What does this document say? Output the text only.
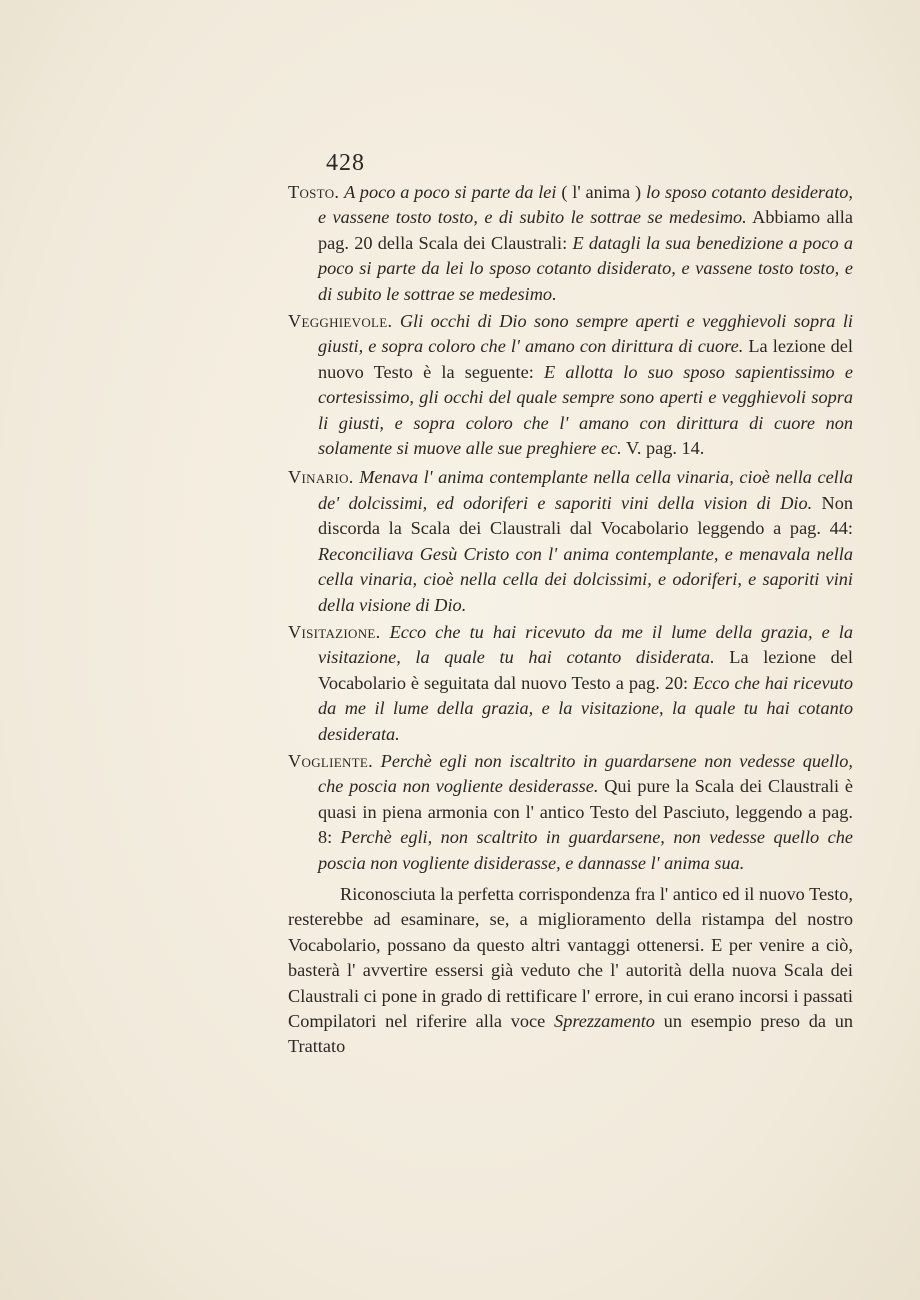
428

Tosto. A poco a poco si parte da lei ( l' anima ) lo sposo cotanto desiderato, e vassene tosto tosto, e di subito le sottrae se medesimo. Abbiamo alla pag. 20 della Scala dei Claustrali: E datagli la sua benedizione a poco a poco si parte da lei lo sposo cotanto disiderato, e vassene tosto tosto, e di subito le sottrae se medesimo.

Vegghievole. Gli occhi di Dio sono sempre aperti e vegghievoli sopra li giusti, e sopra coloro che l' amano con dirittura di cuore. La lezione del nuovo Testo è la seguente: E allotta lo suo sposo sapientissimo e cortesissimo, gli occhi del quale sempre sono aperti e vegghievoli sopra li giusti, e sopra coloro che l' amano con dirittura di cuore non solamente si muove alle sue preghiere ec. V. pag. 14.

Vinario. Menava l' anima contemplante nella cella vinaria, cioè nella cella de' dolcissimi, ed odoriferi e saporiti vini della vision di Dio. Non discorda la Scala dei Claustrali dal Vocabolario leggendo a pag. 44: Reconciliava Gesù Cristo con l' anima contemplante, e menavala nella cella vinaria, cioè nella cella dei dolcissimi, e odoriferi, e saporiti vini della visione di Dio.

Visitazione. Ecco che tu hai ricevuto da me il lume della grazia, e la visitazione, la quale tu hai cotanto disiderata. La lezione del Vocabolario è seguitata dal nuovo Testo a pag. 20: Ecco che hai ricevuto da me il lume della grazia, e la visitazione, la quale tu hai cotanto desiderata.

Vogliente. Perchè egli non iscaltrito in guardarsene non vedesse quello, che poscia non vogliente desiderasse. Qui pure la Scala dei Claustrali è quasi in piena armonia con l' antico Testo del Pasciuto, leggendo a pag. 8: Perchè egli, non scaltrito in guardarsene, non vedesse quello che poscia non vogliente disiderasse, e dannasse l' anima sua.

Riconosciuta la perfetta corrispondenza fra l' antico ed il nuovo Testo, resterebbe ad esaminare, se, a miglioramento della ristampa del nostro Vocabolario, possano da questo altri vantaggi ottenersi. E per venire a ciò, basterà l' avvertire essersi già veduto che l' autorità della nuova Scala dei Claustrali ci pone in grado di rettificare l' errore, in cui erano incorsi i passati Compilatori nel riferire alla voce Sprezzamento un esempio preso da un Trattato
